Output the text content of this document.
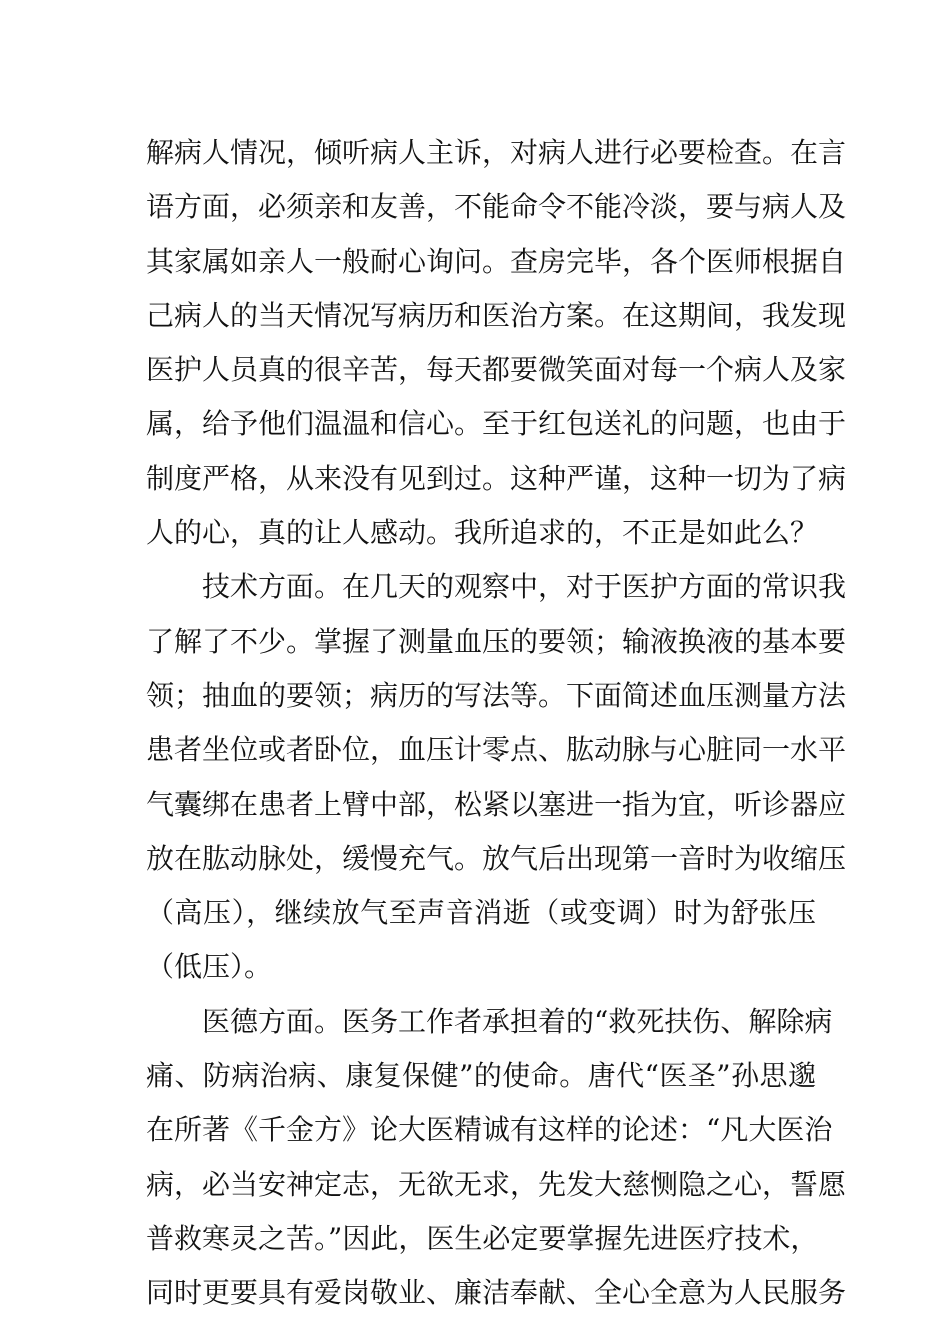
解病人情况，倾听病人主诉，对病人进行必要检查。在言
语方面，必须亲和友善，不能命令不能冷淡，要与病人及
其家属如亲人一般耐心询问。查房完毕，各个医师根据自
己病人的当天情况写病历和医治方案。在这期间，我发现
医护人员真的很辛苦，每天都要微笑面对每一个病人及家
属，给予他们温温和信心。至于红包送礼的问题，也由于
制度严格，从来没有见到过。这种严谨，这种一切为了病
人的心，真的让人感动。我所追求的，不正是如此么？
技术方面。在几天的观察中，对于医护方面的常识我
了解了不少。掌握了测量血压的要领；输液换液的基本要
领；抽血的要领；病历的写法等。下面简述血压测量方法
患者坐位或者卧位，血压计零点、肱动脉与心脏同一水平
气囊绑在患者上臂中部，松紧以塞进一指为宜，听诊器应
放在肱动脉处，缓慢充气。放气后出现第一音时为收缩压
（高压），继续放气至声音消逝（或变调）时为舒张压
（低压）。
医德方面。医务工作者承担着的“救死扶伤、解除病
痛、防病治病、康复保健”的使命。唐代“医圣”孙思邈
在所著《千金方》论大医精诚有这样的论述：“凡大医治
病，必当安神定志，无欲无求，先发大慈恻隐之心，誓愿
普救寒灵之苦。”因此，医生必定要掌握先进医疗技术，
同时更要具有爱岗敬业、廉洁奉献、全心全意为人民服务
